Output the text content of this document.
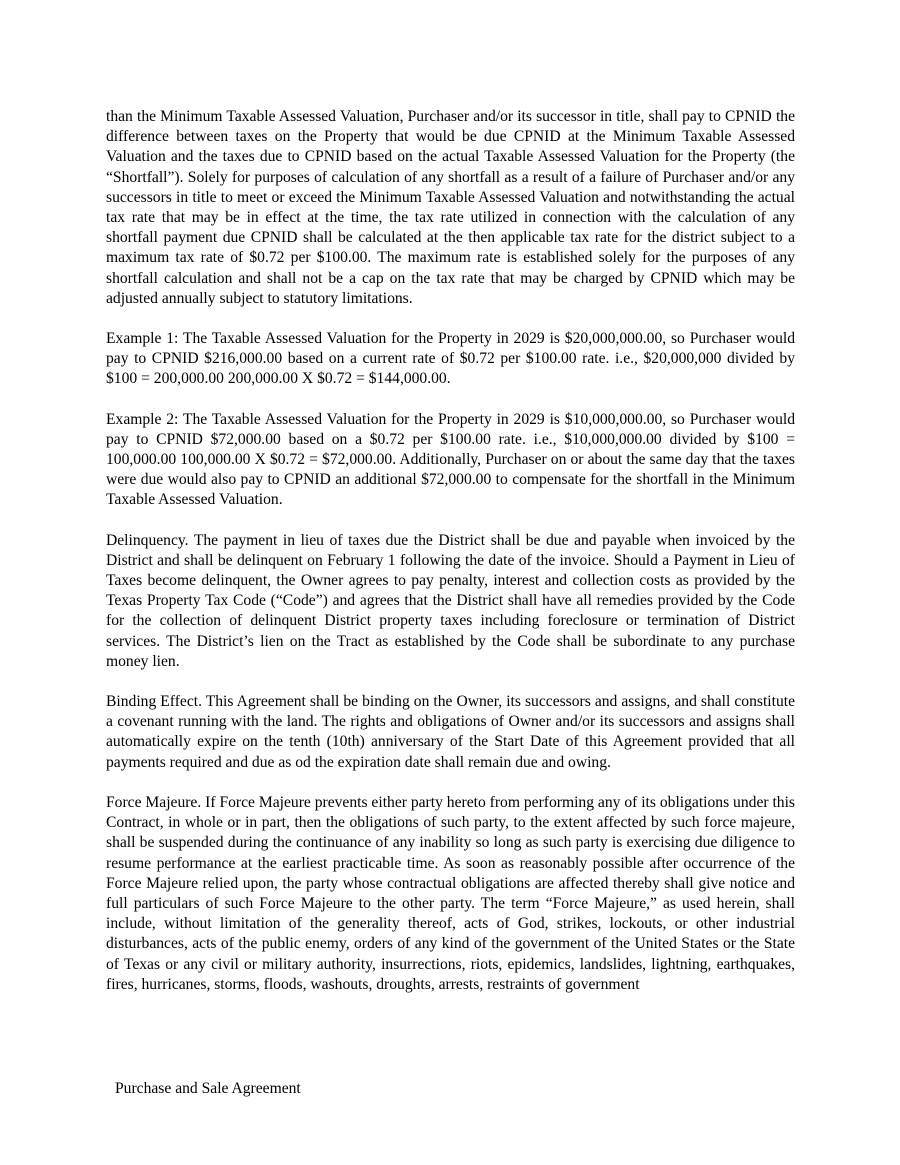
than the Minimum Taxable Assessed Valuation, Purchaser and/or its successor in title, shall pay to CPNID the difference between taxes on the Property that would be due CPNID at the Minimum Taxable Assessed Valuation and the taxes due to CPNID based on the actual Taxable Assessed Valuation for the Property (the “Shortfall”). Solely for purposes of calculation of any shortfall as a result of a failure of Purchaser and/or any successors in title to meet or exceed the Minimum Taxable Assessed Valuation and notwithstanding the actual tax rate that may be in effect at the time, the tax rate utilized in connection with the calculation of any shortfall payment due CPNID shall be calculated at the then applicable tax rate for the district subject to a maximum tax rate of $0.72 per $100.00. The maximum rate is established solely for the purposes of any shortfall calculation and shall not be a cap on the tax rate that may be charged by CPNID which may be adjusted annually subject to statutory limitations.

Example 1: The Taxable Assessed Valuation for the Property in 2029 is $20,000,000.00, so Purchaser would pay to CPNID $216,000.00 based on a current rate of $0.72 per $100.00 rate. i.e., $20,000,000 divided by $100 = 200,000.00 200,000.00 X $0.72 = $144,000.00.

Example 2: The Taxable Assessed Valuation for the Property in 2029 is $10,000,000.00, so Purchaser would pay to CPNID $72,000.00 based on a $0.72 per $100.00 rate. i.e., $10,000,000.00 divided by $100 = 100,000.00 100,000.00 X $0.72 = $72,000.00. Additionally, Purchaser on or about the same day that the taxes were due would also pay to CPNID an additional $72,000.00 to compensate for the shortfall in the Minimum Taxable Assessed Valuation.

Delinquency. The payment in lieu of taxes due the District shall be due and payable when invoiced by the District and shall be delinquent on February 1 following the date of the invoice. Should a Payment in Lieu of Taxes become delinquent, the Owner agrees to pay penalty, interest and collection costs as provided by the Texas Property Tax Code (“Code”) and agrees that the District shall have all remedies provided by the Code for the collection of delinquent District property taxes including foreclosure or termination of District services. The District’s lien on the Tract as established by the Code shall be subordinate to any purchase money lien.

Binding Effect. This Agreement shall be binding on the Owner, its successors and assigns, and shall constitute a covenant running with the land. The rights and obligations of Owner and/or its successors and assigns shall automatically expire on the tenth (10th) anniversary of the Start Date of this Agreement provided that all payments required and due as od the expiration date shall remain due and owing.

Force Majeure. If Force Majeure prevents either party hereto from performing any of its obligations under this Contract, in whole or in part, then the obligations of such party, to the extent affected by such force majeure, shall be suspended during the continuance of any inability so long as such party is exercising due diligence to resume performance at the earliest practicable time. As soon as reasonably possible after occurrence of the Force Majeure relied upon, the party whose contractual obligations are affected thereby shall give notice and full particulars of such Force Majeure to the other party. The term “Force Majeure,” as used herein, shall include, without limitation of the generality thereof, acts of God, strikes, lockouts, or other industrial disturbances, acts of the public enemy, orders of any kind of the government of the United States or the State of Texas or any civil or military authority, insurrections, riots, epidemics, landslides, lightning, earthquakes, fires, hurricanes, storms, floods, washouts, droughts, arrests, restraints of government

Purchase and Sale Agreement
